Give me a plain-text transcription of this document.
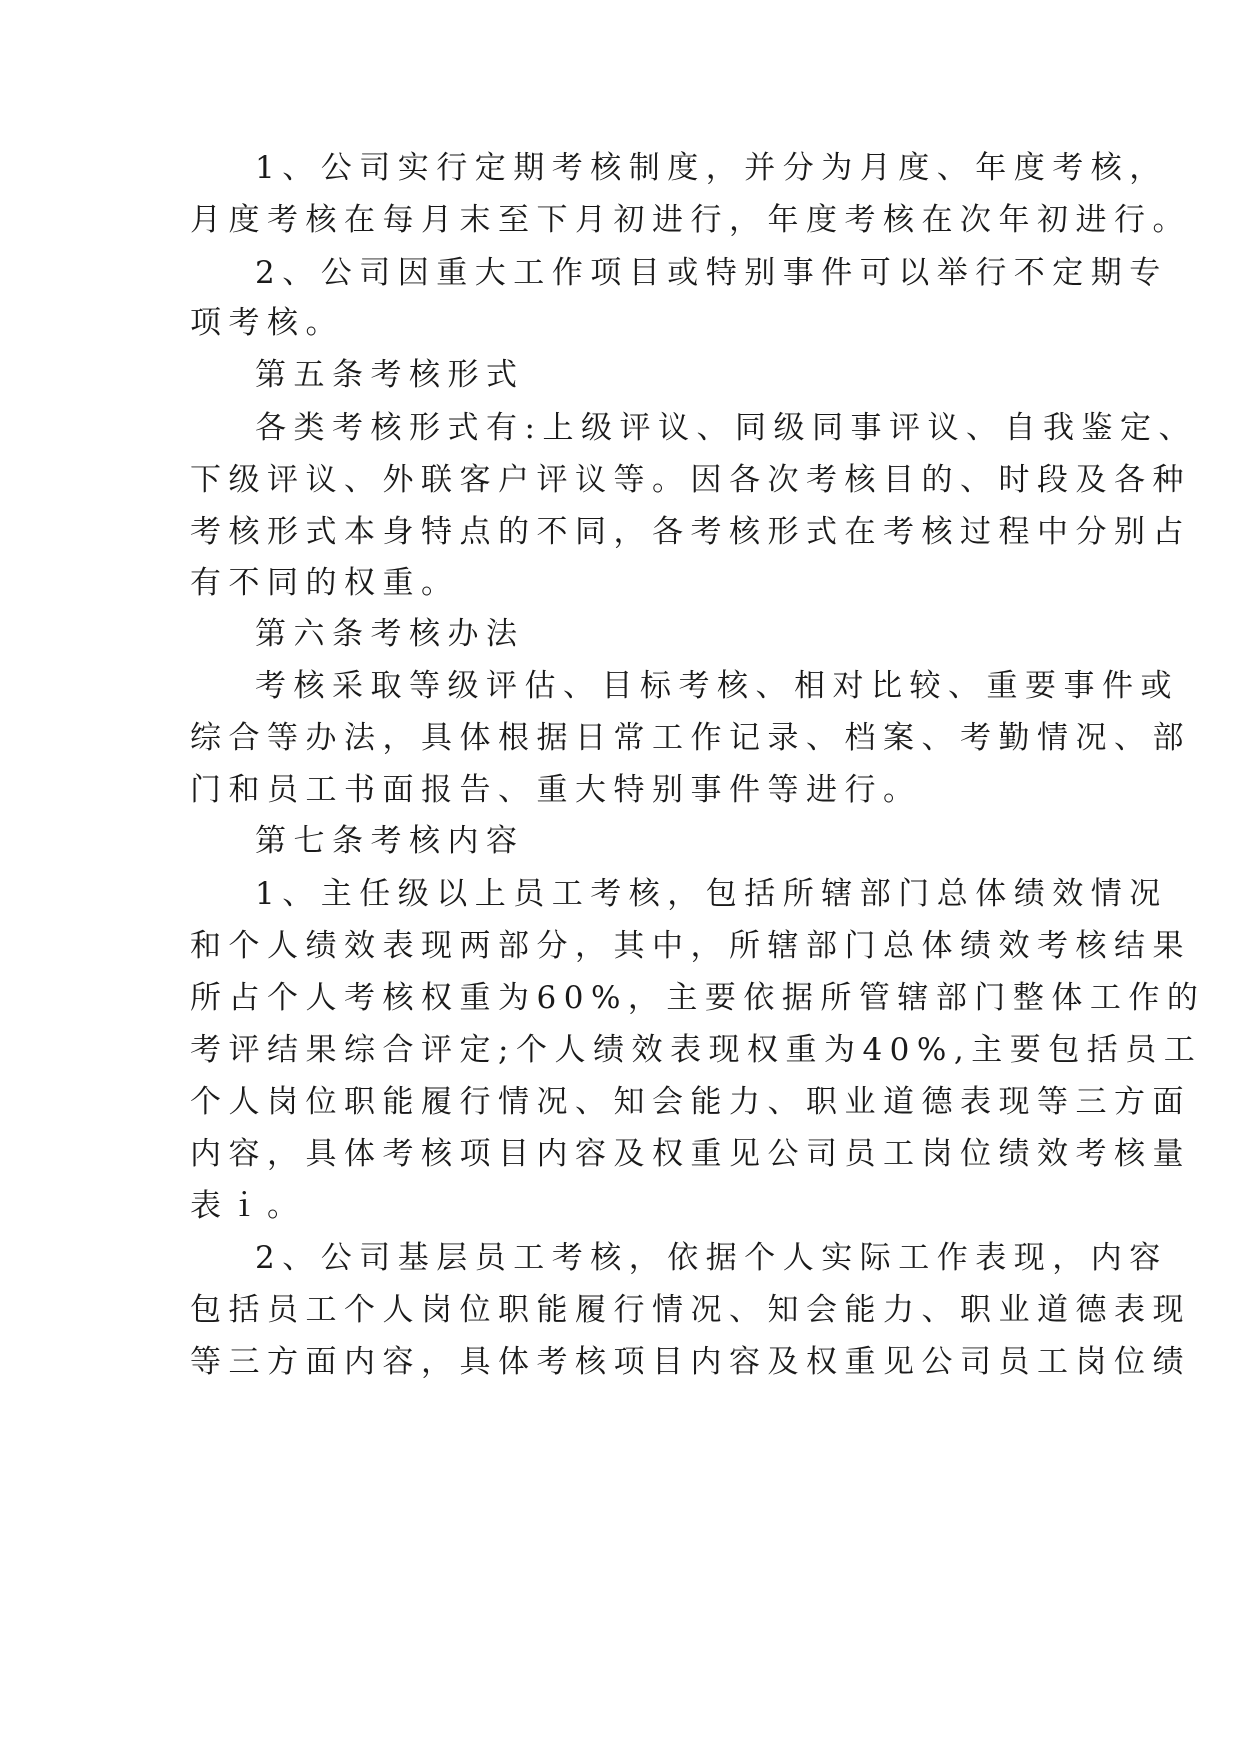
1、公司实行定期考核制度，并分为月度、年度考核，
月度考核在每月末至下月初进行，年度考核在次年初进行。
2、公司因重大工作项目或特别事件可以举行不定期专
项考核。
第五条考核形式
各类考核形式有:上级评议、同级同事评议、自我鉴定、
下级评议、外联客户评议等。因各次考核目的、时段及各种
考核形式本身特点的不同，各考核形式在考核过程中分别占
有不同的权重。
第六条考核办法
考核采取等级评估、目标考核、相对比较、重要事件或
综合等办法，具体根据日常工作记录、档案、考勤情况、部
门和员工书面报告、重大特别事件等进行。
第七条考核内容
1、主任级以上员工考核，包括所辖部门总体绩效情况
和个人绩效表现两部分，其中，所辖部门总体绩效考核结果
所占个人考核权重为60%，主要依据所管辖部门整体工作的
考评结果综合评定;个人绩效表现权重为40%,主要包括员工
个人岗位职能履行情况、知会能力、职业道德表现等三方面
内容，具体考核项目内容及权重见公司员工岗位绩效考核量
表ｉ。
2、公司基层员工考核，依据个人实际工作表现，内容
包括员工个人岗位职能履行情况、知会能力、职业道德表现
等三方面内容，具体考核项目内容及权重见公司员工岗位绩
